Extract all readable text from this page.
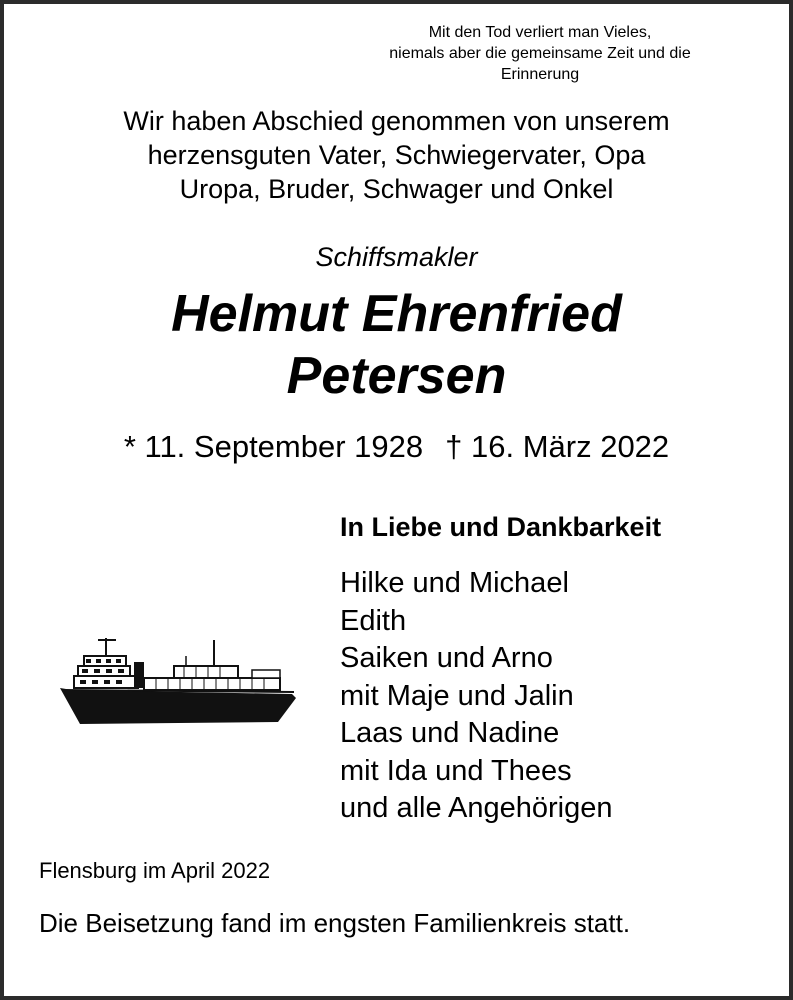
Mit den Tod verliert man Vieles,
niemals aber die gemeinsame Zeit und die
Erinnerung
Wir haben Abschied genommen von unserem
herzensguten Vater, Schwiegervater, Opa
Uropa, Bruder, Schwager und Onkel
Schiffsmakler
Helmut Ehrenfried
Petersen
* 11. September 1928 † 16. März 2022
In Liebe und Dankbarkeit
Hilke und Michael
Edith
Saiken und Arno
mit Maje und Jalin
Laas und Nadine
mit Ida und Thees
und alle Angehörigen
Flensburg im April 2022
Die Beisetzung fand im engsten Familienkreis statt.
